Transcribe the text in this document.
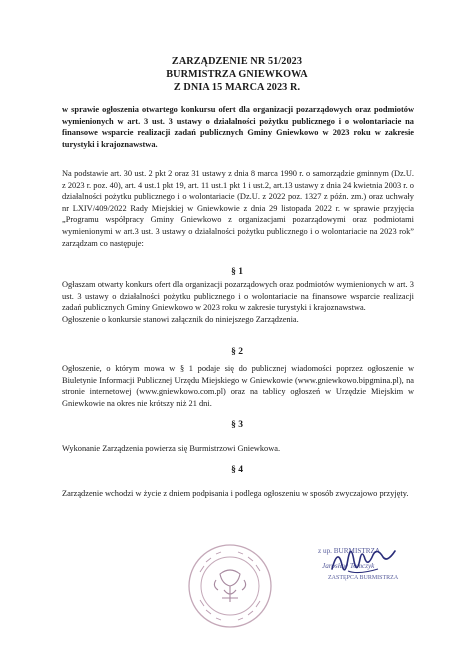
ZARZĄDZENIE NR 51/2023
BURMISTRZA GNIEWKOWA
Z DNIA 15 MARCA 2023 R.

w sprawie ogłoszenia otwartego konkursu ofert dla organizacji pozarządowych oraz podmiotów wymienionych w art. 3 ust. 3 ustawy o działalności pożytku publicznego i o wolontariacie na finansowe wsparcie realizacji zadań publicznych Gminy Gniewkowo w 2023 roku w zakresie turystyki i krajoznawstwa.

Na podstawie art. 30 ust. 2 pkt 2 oraz 31 ustawy z dnia 8 marca 1990 r. o samorządzie gminnym (Dz.U. z 2023 r. poz. 40), art. 4 ust.1 pkt 19, art. 11 ust.1 pkt 1 i ust.2, art.13 ustawy z dnia 24 kwietnia 2003 r. o działalności pożytku publicznego i o wolontariacie (Dz.U. z 2022 poz. 1327 z późn. zm.) oraz uchwały nr LXIV/409/2022 Rady Miejskiej w Gniewkowie z dnia 29 listopada 2022 r. w sprawie przyjęcia „Programu współpracy Gminy Gniewkowo z organizacjami pozarządowymi oraz podmiotami wymienionymi w art.3 ust. 3 ustawy o działalności pożytku publicznego i o wolontariacie na 2023 rok” zarządzam co następuje:

§ 1

Ogłaszam otwarty konkurs ofert dla organizacji pozarządowych oraz podmiotów wymienionych w art. 3 ust. 3 ustawy o działalności pożytku publicznego i o wolontariacie na finansowe wsparcie realizacji zadań publicznych Gminy Gniewkowo w 2023 roku w zakresie turystyki i krajoznawstwa.

Ogłoszenie o konkursie stanowi załącznik do niniejszego Zarządzenia.

§ 2

Ogłoszenie, o którym mowa w § 1 podaje się do publicznej wiadomości poprzez ogłoszenie w Biuletynie Informacji Publicznej Urzędu Miejskiego w Gniewkowie (www.gniewkowo.bipgmina.pl), na stronie internetowej (www.gniewkowo.com.pl) oraz na tablicy ogłoszeń w Urzędzie Miejskim w Gniewkowie na okres nie krótszy niż 21 dni.

§ 3

Wykonanie Zarządzenia powierza się Burmistrzowi Gniewkowa.

§ 4

Zarządzenie wchodzi w życie z dniem podpisania i podlega ogłoszeniu w sposób zwyczajowo przyjęty.

z up. BURMISTRZA
Jarosław Tomczyk
ZASTĘPCA BURMISTRZA
